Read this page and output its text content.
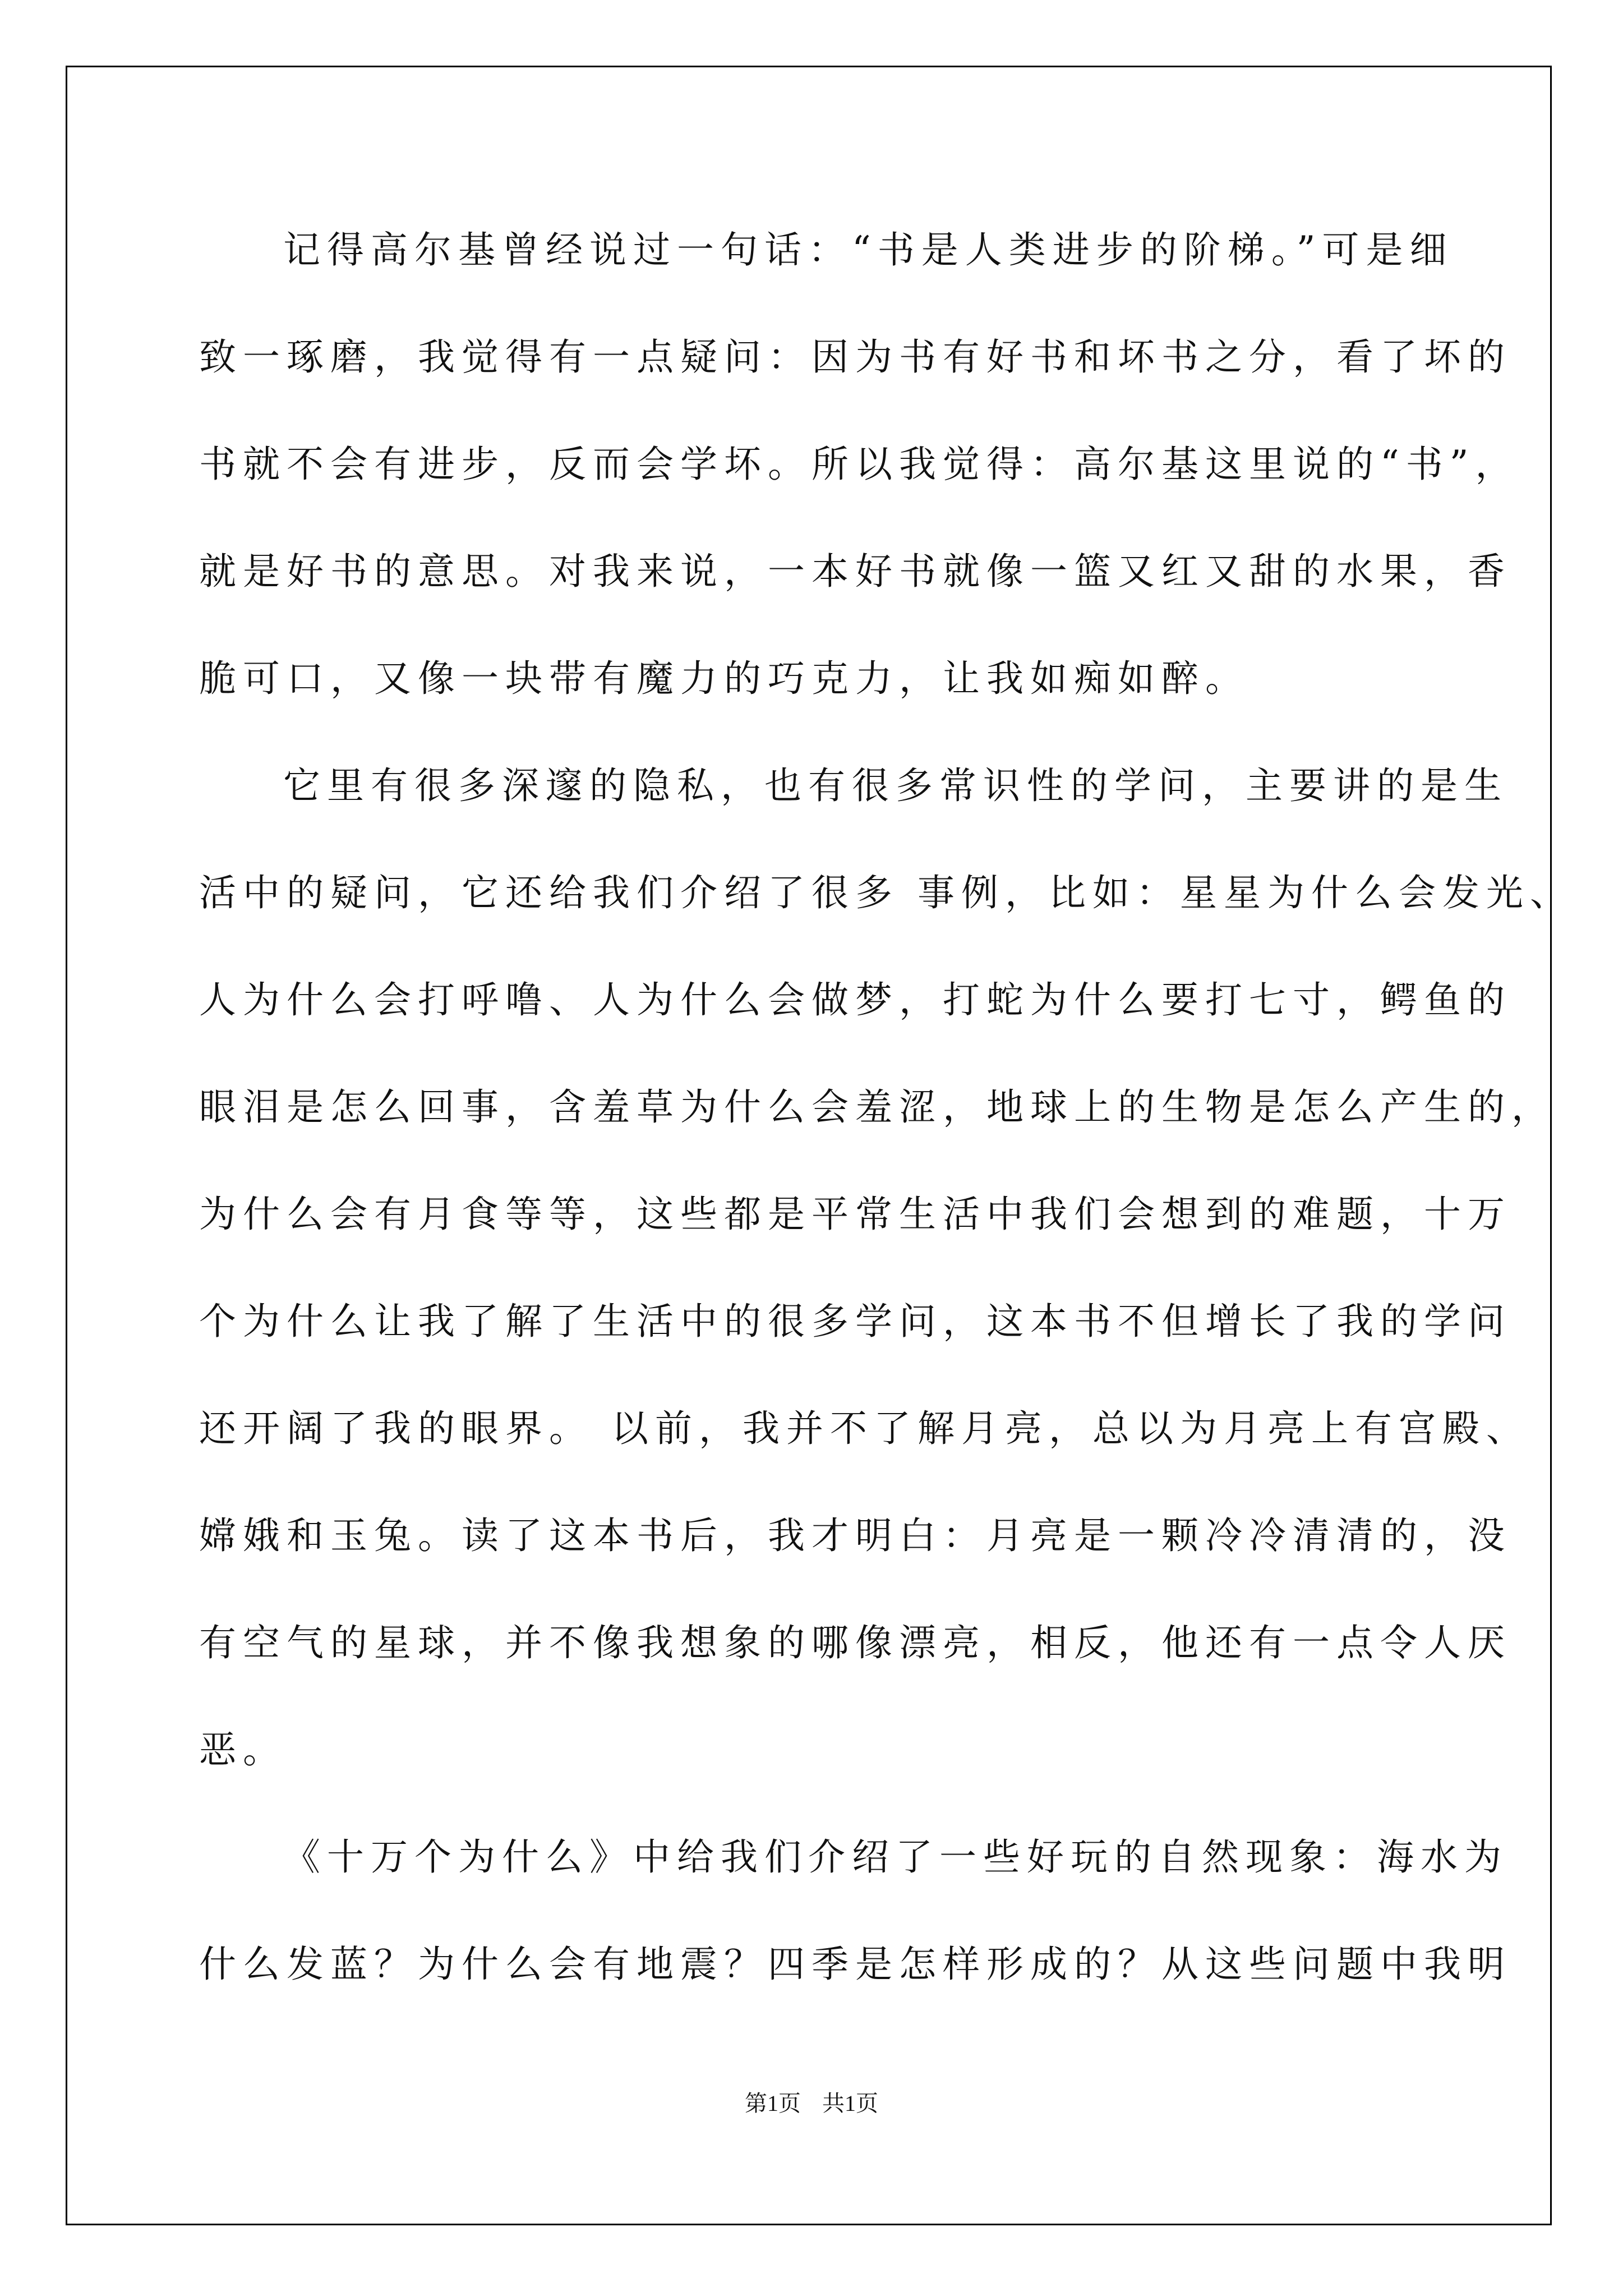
记得高尔基曾经说过一句话：“书是人类进步的阶梯。”可是细
致一琢磨，我觉得有一点疑问：因为书有好书和坏书之分，看了坏的
书就不会有进步，反而会学坏。所以我觉得：高尔基这里说的“书”，
就是好书的意思。对我来说，一本好书就像一篮又红又甜的水果，香
脆可口，又像一块带有魔力的巧克力，让我如痴如醉。
它里有很多深邃的隐私，也有很多常识性的学问，主要讲的是生
活中的疑问，它还给我们介绍了很多 事例，比如：星星为什么会发光、
人为什么会打呼噜、人为什么会做梦，打蛇为什么要打七寸，鳄鱼的
眼泪是怎么回事，含羞草为什么会羞涩，地球上的生物是怎么产生的，
为什么会有月食等等，这些都是平常生活中我们会想到的难题，十万
个为什么让我了解了生活中的很多学问，这本书不但增长了我的学问
还开阔了我的眼界。 以前，我并不了解月亮，总以为月亮上有宫殿、
嫦娥和玉兔。读了这本书后，我才明白：月亮是一颗冷冷清清的，没
有空气的星球，并不像我想象的哪像漂亮，相反，他还有一点令人厌
恶。
《十万个为什么》中给我们介绍了一些好玩的自然现象：海水为
什么发蓝？为什么会有地震？四季是怎样形成的？从这些问题中我明
第1页 共1页
